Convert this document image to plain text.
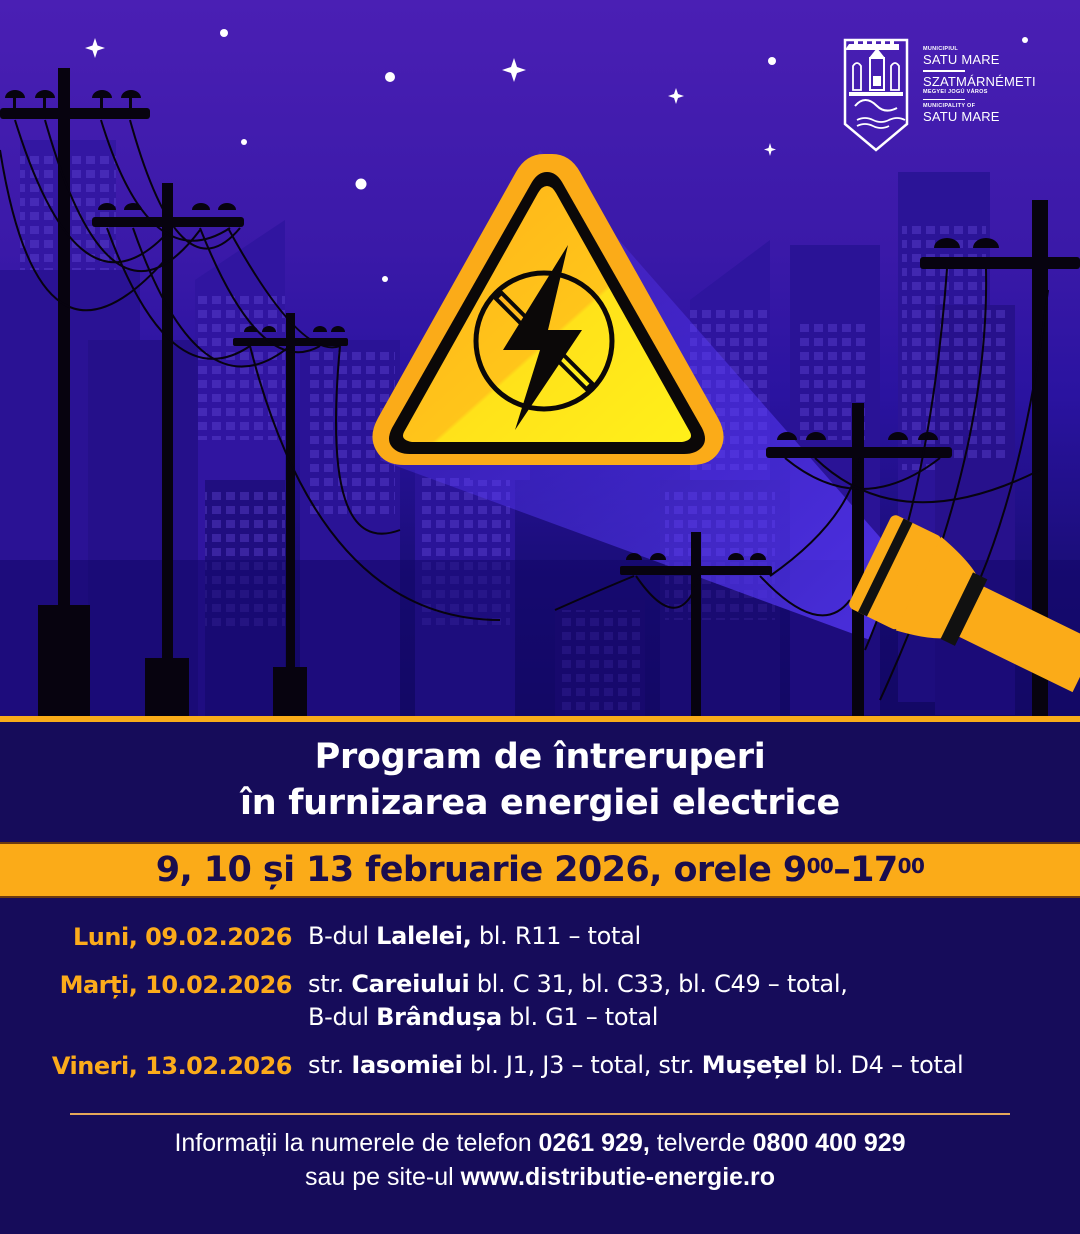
MUNICIPIUL
SATU MARE
SZATMÁRNÉMETI
MEGYEI JOGÚ VÁROS
MUNICIPALITY OF
SATU MARE
Program de întreruperi
în furnizarea energiei electrice
9, 10 și 13 februarie 2026, orele $9^{00}$ $-17^{00}$
Luni, 09.02.2026 B-dul Lalelei, bl. R11 – total
Marți, 10.02.2026 str. Careiului bl. C 31, bl. C33, bl. C49 – total,
B-dul Brândușa bl. G1 – total
Vineri, 13.02.2026 str. Iasomiei bl. J1, J3 – total, str. Mușețel bl. D4 – total
Informații la numerele de telefon 0261 929, telverde 0800 400 929
sau pe site-ul www.distributie-energie.ro
